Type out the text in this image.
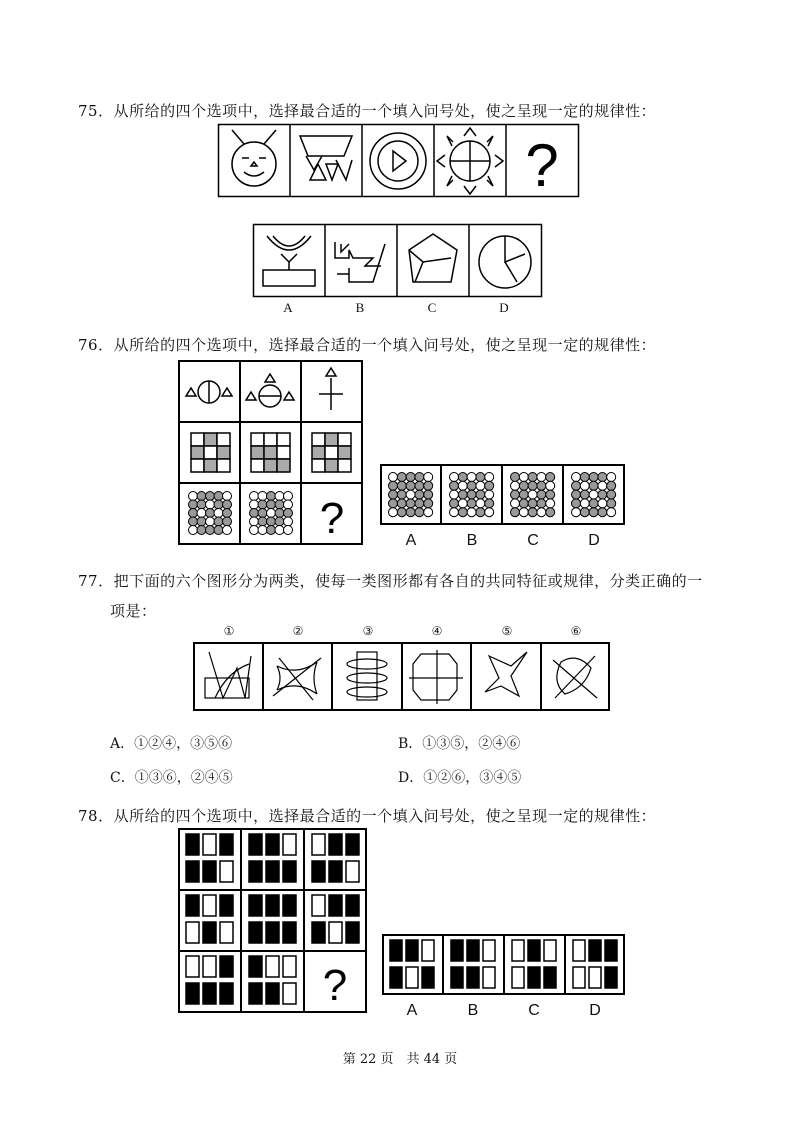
75．从所给的四个选项中，选择最合适的一个填入问号处，使之呈现一定的规律性：
?
A	B	C	D
76．从所给的四个选项中，选择最合适的一个填入问号处，使之呈现一定的规律性：
?	A	B	C	D
77．把下面的六个图形分为两类，使每一类图形都有各自的共同特征或规律，分类正确的一
项是：
①	②	③	④	⑤	⑥
A．①②④，③⑤⑥	B．①③⑤，②④⑥
C．①③⑥，②④⑤	D．①②⑥，③④⑤
78．从所给的四个选项中，选择最合适的一个填入问号处，使之呈现一定的规律性：
?
A	B	C	D
第 22 页　共 44 页
